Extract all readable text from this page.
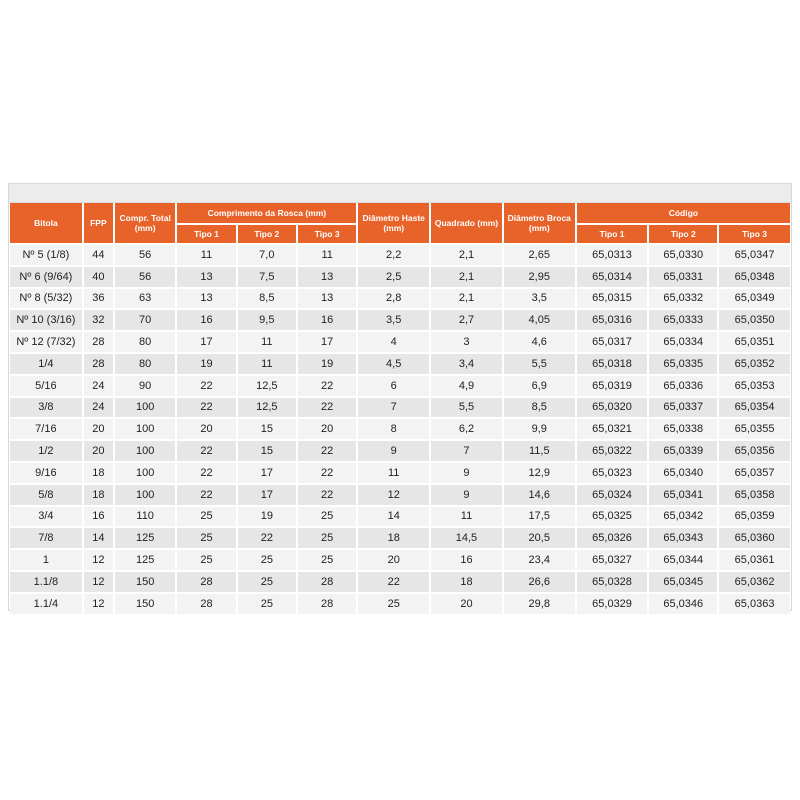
Bitola	FPP	Compr. Total (mm)	Comprimento da Rosca (mm)			Diâmetro Haste (mm)	Quadrado (mm)	Diâmetro Broca (mm)	Código		
			Tipo 1	Tipo 2	Tipo 3				Tipo 1	Tipo 2	Tipo 3
Nº 5 (1/8)	44	56	11	7,0	11	2,2	2,1	2,65	65,0313	65,0330	65,0347
Nº 6 (9/64)	40	56	13	7,5	13	2,5	2,1	2,95	65,0314	65,0331	65,0348
Nº 8 (5/32)	36	63	13	8,5	13	2,8	2,1	3,5	65,0315	65,0332	65,0349
Nº 10 (3/16)	32	70	16	9,5	16	3,5	2,7	4,05	65,0316	65,0333	65,0350
Nº 12 (7/32)	28	80	17	11	17	4	3	4,6	65,0317	65,0334	65,0351
1/4	28	80	19	11	19	4,5	3,4	5,5	65,0318	65,0335	65,0352
5/16	24	90	22	12,5	22	6	4,9	6,9	65,0319	65,0336	65,0353
3/8	24	100	22	12,5	22	7	5,5	8,5	65,0320	65,0337	65,0354
7/16	20	100	20	15	20	8	6,2	9,9	65,0321	65,0338	65,0355
1/2	20	100	22	15	22	9	7	11,5	65,0322	65,0339	65,0356
9/16	18	100	22	17	22	11	9	12,9	65,0323	65,0340	65,0357
5/8	18	100	22	17	22	12	9	14,6	65,0324	65,0341	65,0358
3/4	16	110	25	19	25	14	11	17,5	65,0325	65,0342	65,0359
7/8	14	125	25	22	25	18	14,5	20,5	65,0326	65,0343	65,0360
1	12	125	25	25	25	20	16	23,4	65,0327	65,0344	65,0361
1.1/8	12	150	28	25	28	22	18	26,6	65,0328	65,0345	65,0362
1.1/4	12	150	28	25	28	25	20	29,8	65,0329	65,0346	65,0363
